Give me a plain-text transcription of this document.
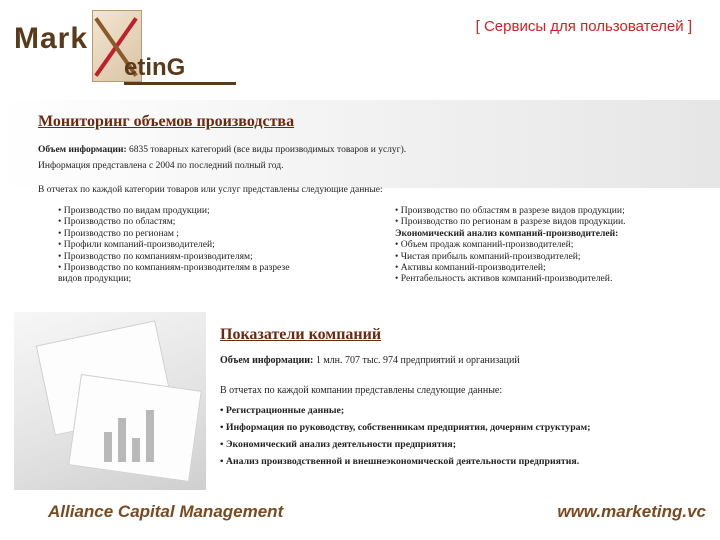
Mark
etinG
[ Сервисы для пользователей ]
Мониторинг объемов производства
Объем информации: 6835 товарных категорий (все виды производимых товаров и услуг).
Информация представлена с 2004 по последний полный год.
В отчетах по каждой категории товаров или услуг представлены следующие данные:
• Производство по видам продукции;
• Производство по областям;
• Производство по регионам ;
• Профили компаний-производителей;
• Производство по компаниям-производителям;
• Производство по компаниям-производителям в разрезе
видов продукции;
• Производство по областям в разрезе видов продукции;
• Производство по регионам в разрезе видов продукции.
Экономический анализ компаний-производителей:
• Объем продаж компаний-производителей;
• Чистая прибыль компаний-производителей;
• Активы компаний-производителей;
• Рентабельность активов компаний-производителей.
Показатели компаний
Объем информации: 1 млн. 707 тыс. 974 предприятий и организаций
В отчетах по каждой компании представлены следующие данные:
• Регистрационные данные;
• Информация по руководству, собственникам предприятия, дочерним структурам;
• Экономический анализ деятельности предприятия;
• Анализ производственной и внешнеэкономической деятельности предприятия.
Alliance Capital Management	www.marketing.vc
